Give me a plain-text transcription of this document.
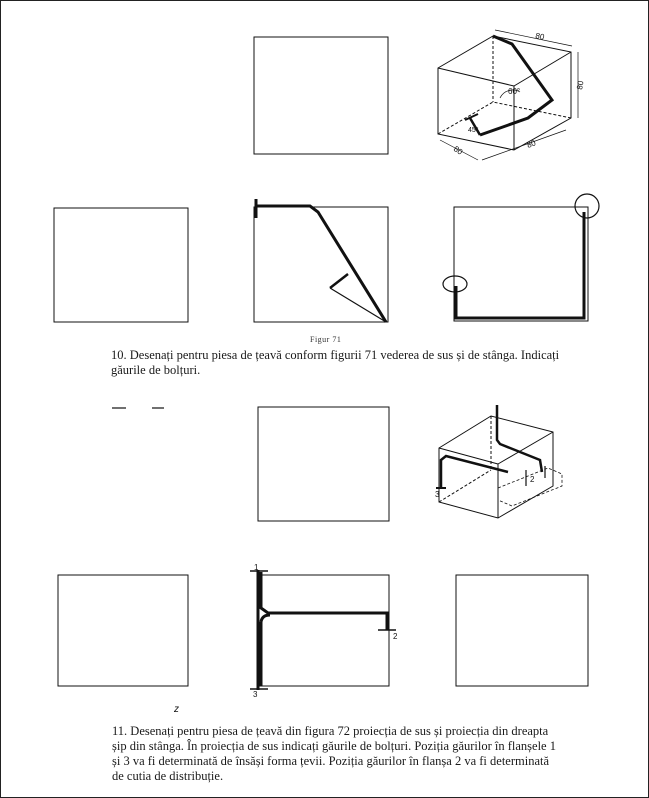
80
80
80
80
60°
45°
1
2
3
2
3
z
Figur 71

10. Desenați pentru piesa de țeavă conform figurii 71 vederea de sus și de stânga. Indicați

găurile de bolțuri.

11. Desenați pentru piesa de țeavă din figura 72 proiecția de sus și proiecția din dreapta

șip din stânga. În proiecția de sus indicați găurile de bolțuri. Poziția găurilor în flanșele 1

și 3 va fi determinată de însăși forma țevii. Poziția găurilor în flanșa 2 va fi determinată

de cutia de distribuție.
